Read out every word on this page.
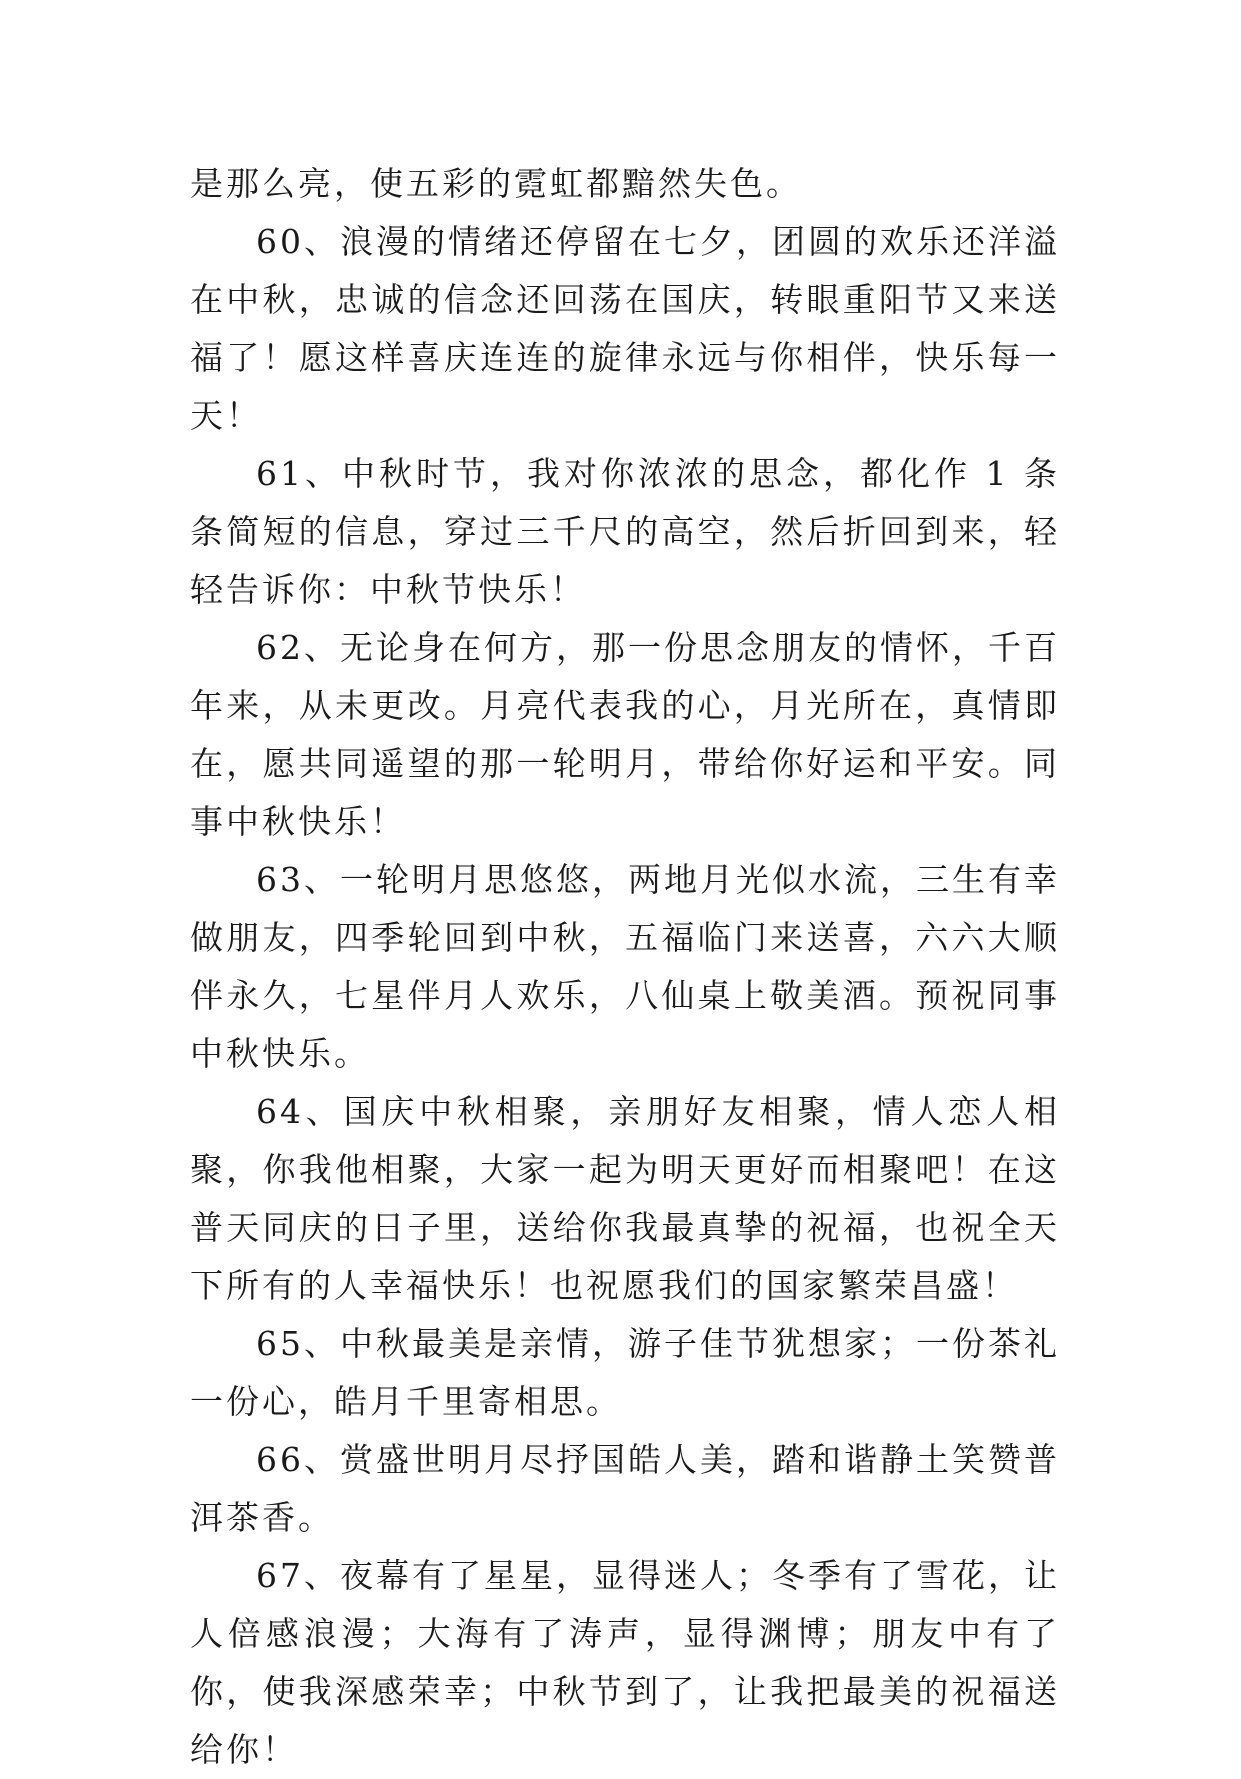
是那么亮，使五彩的霓虹都黯然失色。

60、浪漫的情绪还停留在七夕，团圆的欢乐还洋溢在中秋，忠诚的信念还回荡在国庆，转眼重阳节又来送福了！愿这样喜庆连连的旋律永远与你相伴，快乐每一天！

61、中秋时节，我对你浓浓的思念，都化作 1 条条简短的信息，穿过三千尺的高空，然后折回到来，轻轻告诉你：中秋节快乐！

62、无论身在何方，那一份思念朋友的情怀，千百年来，从未更改。月亮代表我的心，月光所在，真情即在，愿共同遥望的那一轮明月，带给你好运和平安。同事中秋快乐！

63、一轮明月思悠悠，两地月光似水流，三生有幸做朋友，四季轮回到中秋，五福临门来送喜，六六大顺伴永久，七星伴月人欢乐，八仙桌上敬美酒。预祝同事中秋快乐。

64、国庆中秋相聚，亲朋好友相聚，情人恋人相聚，你我他相聚，大家一起为明天更好而相聚吧！在这普天同庆的日子里，送给你我最真挚的祝福，也祝全天下所有的人幸福快乐！也祝愿我们的国家繁荣昌盛！

65、中秋最美是亲情，游子佳节犹想家；一份茶礼一份心，皓月千里寄相思。

66、赏盛世明月尽抒国皓人美，踏和谐静土笑赞普洱茶香。

67、夜幕有了星星，显得迷人；冬季有了雪花，让人倍感浪漫；大海有了涛声，显得渊博；朋友中有了你，使我深感荣幸；中秋节到了，让我把最美的祝福送给你！
